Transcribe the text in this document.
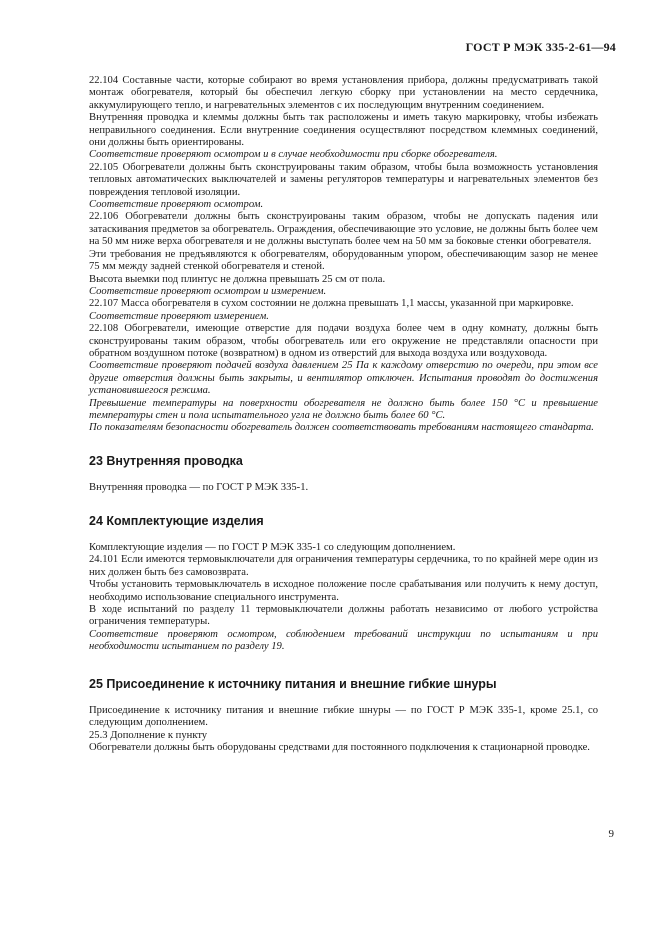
ГОСТ Р МЭК 335-2-61—94

22.104 Составные части, которые собирают во время установления прибора, должны предусматривать такой монтаж обогревателя, который бы обеспечил легкую сборку при установлении на место сердечника, аккумулирующего тепло, и нагревательных элементов с их последующим внутренним соединением.

Внутренняя проводка и клеммы должны быть так расположены и иметь такую маркировку, чтобы избежать неправильного соединения. Если внутренние соединения осуществляют посредством клеммных соединений, они должны быть ориентированы.

Соответствие проверяют осмотром и в случае необходимости при сборке обогревателя.

22.105 Обогреватели должны быть сконструированы таким образом, чтобы была возможность установления тепловых автоматических выключателей и замены регуляторов температуры и нагревательных элементов без повреждения тепловой изоляции.

Соответствие проверяют осмотром.

22.106 Обогреватели должны быть сконструированы таким образом, чтобы не допускать падения или затаскивания предметов за обогреватель. Ограждения, обеспечивающие это условие, не должны быть более чем на 50 мм ниже верха обогревателя и не должны выступать более чем на 50 мм за боковые стенки обогревателя.

Эти требования не предъявляются к обогревателям, оборудованным упором, обеспечивающим зазор не менее 75 мм между задней стенкой обогревателя и стеной.

Высота выемки под плинтус не должна превышать 25 см от пола.

Соответствие проверяют осмотром и измерением.

22.107 Масса обогревателя в сухом состоянии не должна превышать 1,1 массы, указанной при маркировке.

Соответствие проверяют измерением.

22.108 Обогреватели, имеющие отверстие для подачи воздуха более чем в одну комнату, должны быть сконструированы таким образом, чтобы обогреватель или его окружение не представляли опасности при обратном воздушном потоке (возвратном) в одном из отверстий для выхода воздуха или воздуховода.

Соответствие проверяют подачей воздуха давлением 25 Па к каждому отверстию по очереди, при этом все другие отверстия должны быть закрыты, и вентилятор отключен. Испытания проводят до достижения установившегося режима.

Превышение температуры на поверхности обогревателя не должно быть более 150 °С и превышение температуры стен и пола испытательного угла не должно быть более 60 °С.

По показателям безопасности обогреватель должен соответствовать требованиям настоящего стандарта.

23 Внутренняя проводка

Внутренняя проводка — по ГОСТ Р МЭК 335-1.

24 Комплектующие изделия

Комплектующие изделия — по ГОСТ Р МЭК 335-1 со следующим дополнением.

24.101 Если имеются термовыключатели для ограничения температуры сердечника, то по крайней мере один из них должен быть без самовозврата.

Чтобы установить термовыключатель в исходное положение после срабатывания или получить к нему доступ, необходимо использование специального инструмента.

В ходе испытаний по разделу 11 термовыключатели должны работать независимо от любого устройства ограничения температуры.

Соответствие проверяют осмотром, соблюдением требований инструкции по испытаниям и при необходимости испытанием по разделу 19.

25 Присоединение к источнику питания и внешние гибкие шнуры

Присоединение к источнику питания и внешние гибкие шнуры — по ГОСТ Р МЭК 335-1, кроме 25.1, со следующим дополнением.

25.3 Дополнение к пункту

Обогреватели должны быть оборудованы средствами для постоянного подключения к стационарной проводке.

9
